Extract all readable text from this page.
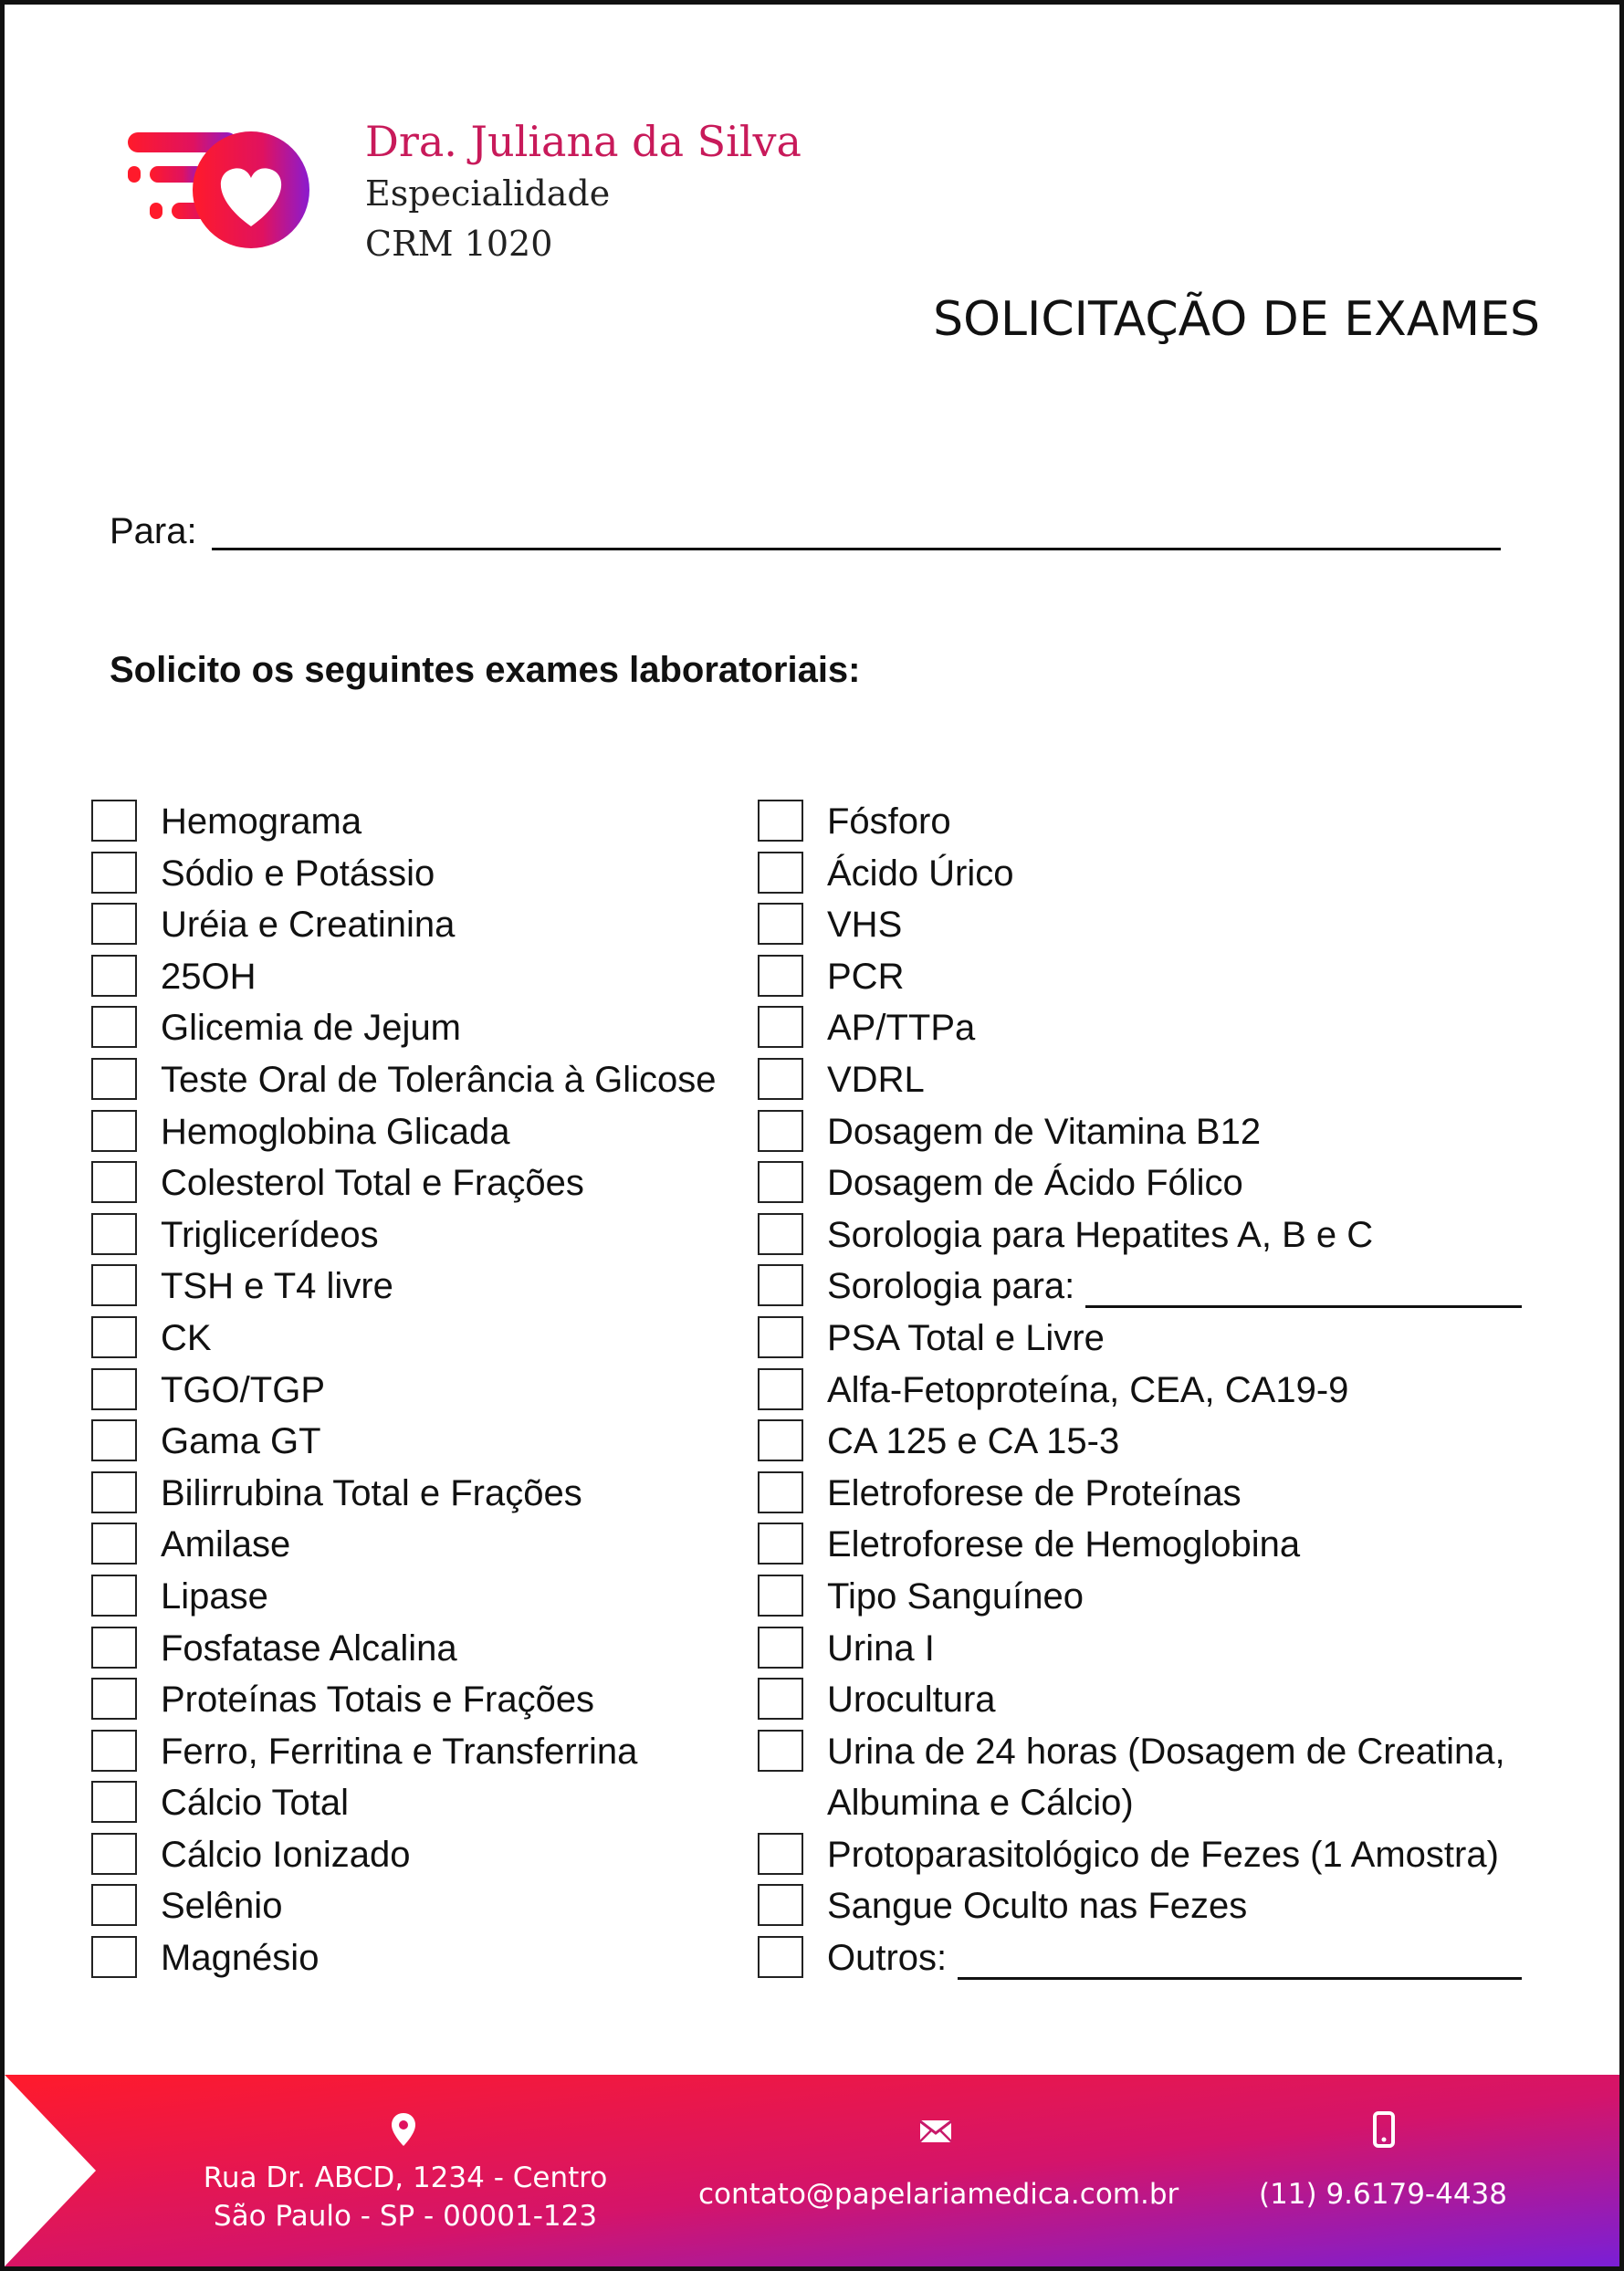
Dra. Juliana da Silva
Especialidade
CRM 1020
SOLICITAÇÃO DE EXAMES
Para:
Solicito os seguintes exames laboratoriais:
Hemograma
Sódio e Potássio
Uréia e Creatinina
25OH
Glicemia de Jejum
Teste Oral de Tolerância à Glicose
Hemoglobina Glicada
Colesterol Total e Frações
Triglicerídeos
TSH e T4 livre
CK
TGO/TGP
Gama GT
Bilirrubina Total e Frações
Amilase
Lipase
Fosfatase Alcalina
Proteínas Totais e Frações
Ferro, Ferritina e Transferrina
Cálcio Total
Cálcio Ionizado
Selênio
Magnésio
Fósforo
Ácido Úrico
VHS
PCR
AP/TTPa
VDRL
Dosagem de Vitamina B12
Dosagem de Ácido Fólico
Sorologia para Hepatites A, B e C
Sorologia para:
PSA Total e Livre
Alfa-Fetoproteína, CEA, CA19-9
CA 125 e CA 15-3
Eletroforese de Proteínas
Eletroforese de Hemoglobina
Tipo Sanguíneo
Urina I
Urocultura
Urina de 24 horas (Dosagem de Creatina,
Albumina e Cálcio)
Protoparasitológico de Fezes (1 Amostra)
Sangue Oculto nas Fezes
Outros:
Rua Dr. ABCD, 1234 - Centro
São Paulo - SP - 00001-123
contato@papelariamedica.com.br	(11) 9.6179-4438
